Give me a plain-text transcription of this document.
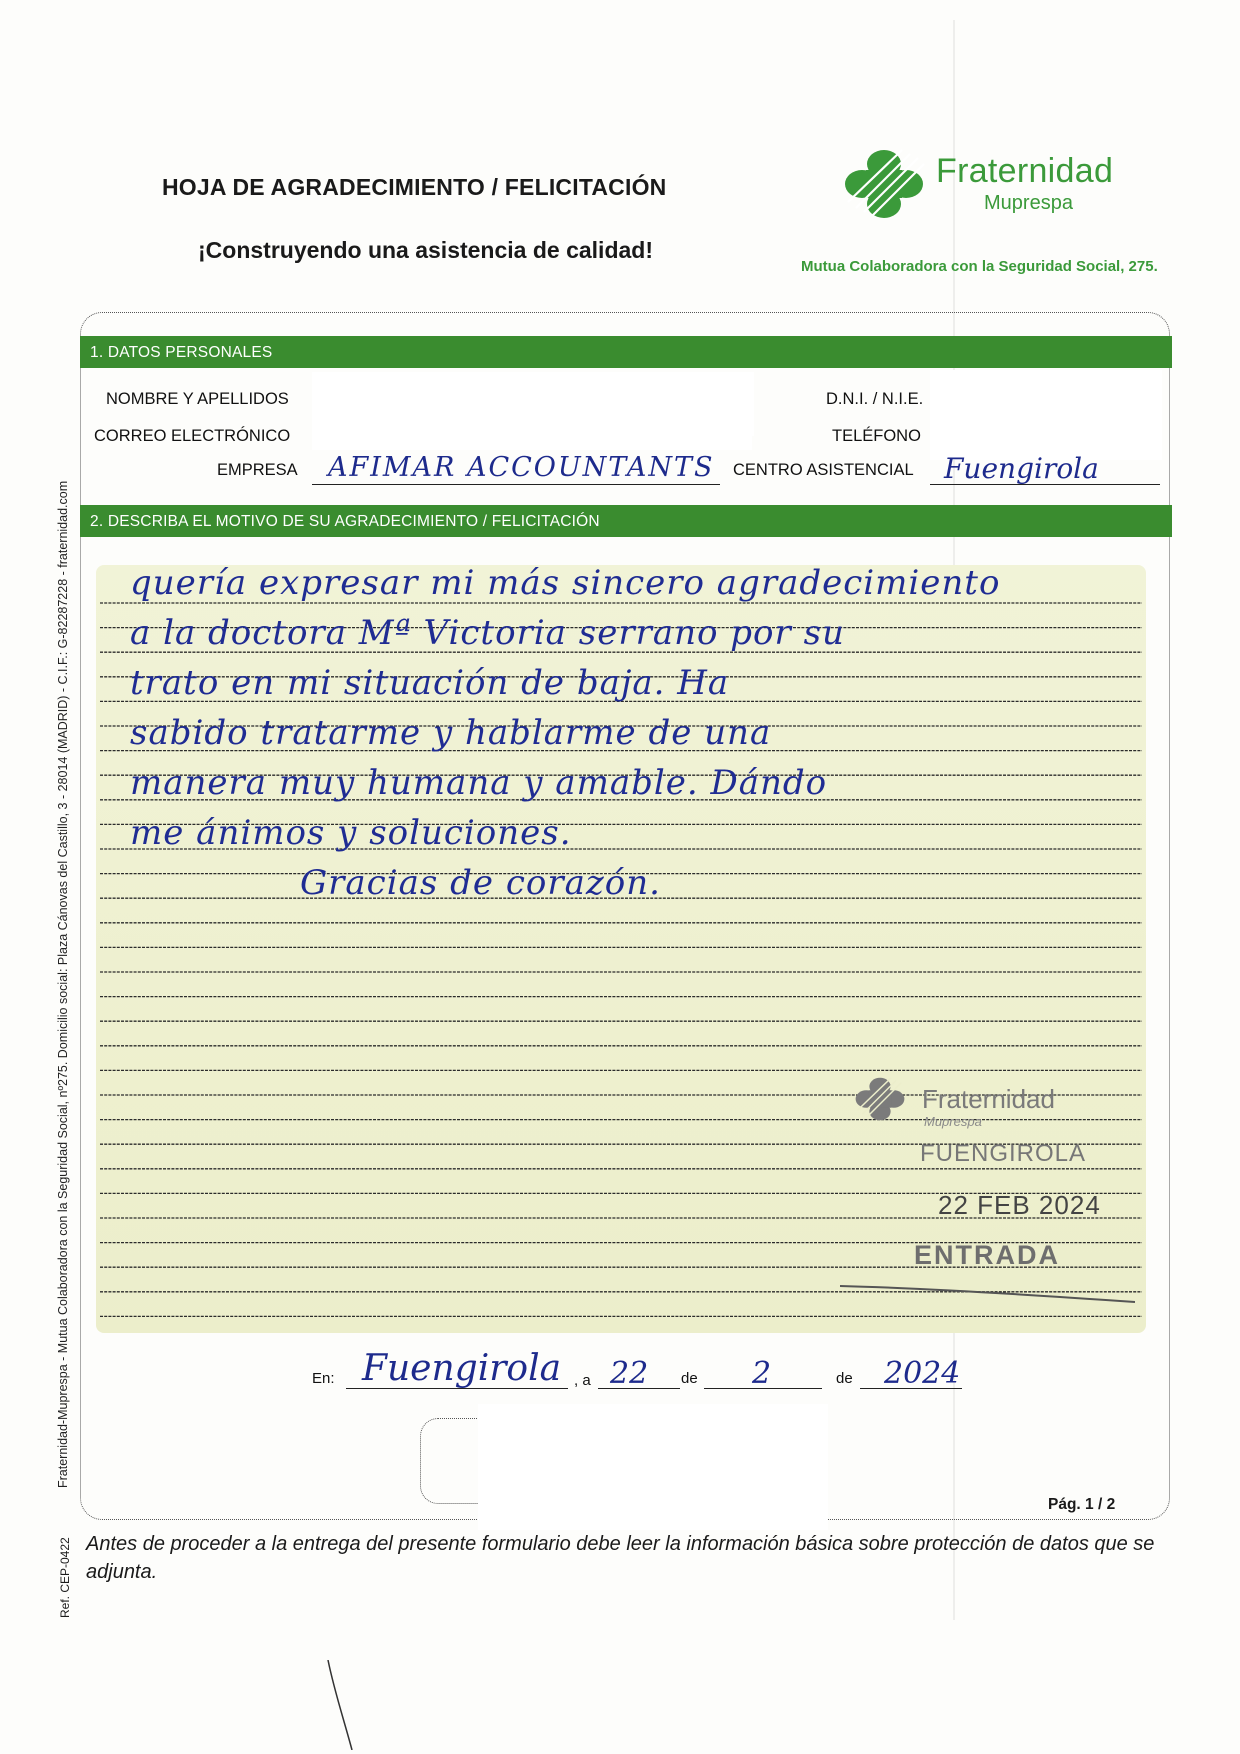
HOJA DE AGRADECIMIENTO / FELICITACIÓN
¡Construyendo una asistencia de calidad!
Fraternidad
Muprespa
Mutua Colaboradora con la Seguridad Social, 275.
Fraternidad-Muprespa - Mutua Colaboradora con la Seguridad Social, nº275. Domicilio social: Plaza Cánovas del Castillo, 3 - 28014 (MADRID) - C.I.F.: G-82287228 - fraternidad.com
Ref. CEP-0422
1. DATOS PERSONALES
NOMBRE Y APELLIDOS	D.N.I. / N.I.E.
CORREO ELECTRÓNICO	TELÉFONO
EMPRESA AFIMAR ACCOUNTANTS CENTRO ASISTENCIAL Fuengirola
2. DESCRIBA EL MOTIVO DE SU AGRADECIMIENTO / FELICITACIÓN
quería expresar mi más sincero agradecimiento
a la doctora Mª Victoria serrano por su
trato en mi situación de baja. Ha
sabido tratarme y hablarme de una
manera muy humana y amable. Dándo
me ánimos y soluciones.
Gracias de corazón.
Fraternidad
Muprespa
FUENGIROLA
22 FEB 2024
ENTRADA
En: Fuengirola , a 22 de 2	de 2024
Pág. 1 / 2
Antes de proceder a la entrega del presente formulario debe leer la información básica sobre protección de datos que se adjunta.
